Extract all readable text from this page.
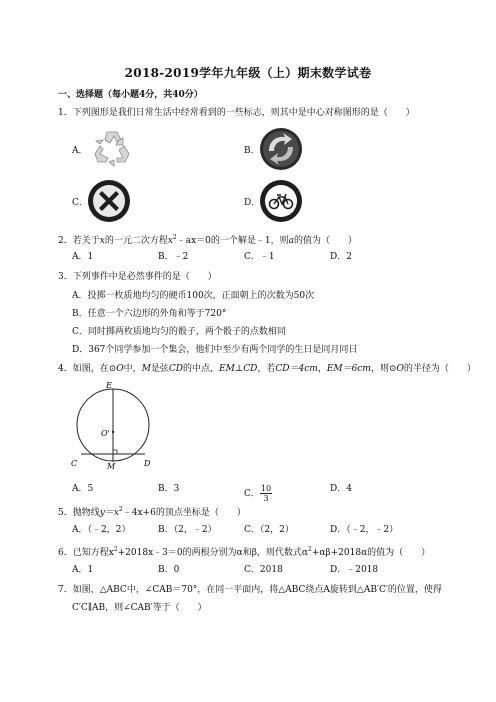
2018-2019学年九年级（上）期末数学试卷
一、选择题（每小题4分，共40分）
1．下列图形是我们日常生活中经常看到的一些标志，则其中是中心对称图形的是（　　）
A．	B．
C．	D．
2．若关于x的一元二次方程$x^2﹣ax=0$的一个解是﹣1，则a的值为（　　）
A．1	B．﹣2	C．﹣1	D．2
3．下列事件中是必然事件的是（　　）
A．投掷一枚质地均匀的硬币100次，正面朝上的次数为50次
B．任意一个六边形的外角和等于720°
C．同时掷两枚质地均匀的骰子，两个骰子的点数相同
D．367个同学参加一个集会，他们中至少有两个同学的生日是同月同日
4．如图，在⊙O中，M是弦CD的中点，EM⊥CD，若CD＝4cm，EM＝6cm，则⊙O的半径为（　　）
E
O'
C	M	D
A．5	B．3	C． $\frac{10}{3}$	D．4
5．抛物线$y=x^2﹣4x+6$的顶点坐标是（　　）
A．（﹣2，2）	B．（2，﹣2）	C．（2，2）	D．（﹣2，﹣2）
6．已知方程$x^2+2018x﹣3=0$的两根分别为α和β，则代数式$\alpha^2+\alpha\beta+2018\alpha$的值为（　　）
A．1	B．0	C．2018	D．﹣2018
7．如图，△ABC中，∠CAB＝70°，在同一平面内，将△ABC绕点A旋转到△AB′C′的位置，使得
C′C∥AB，则∠CAB′等于（　　）
